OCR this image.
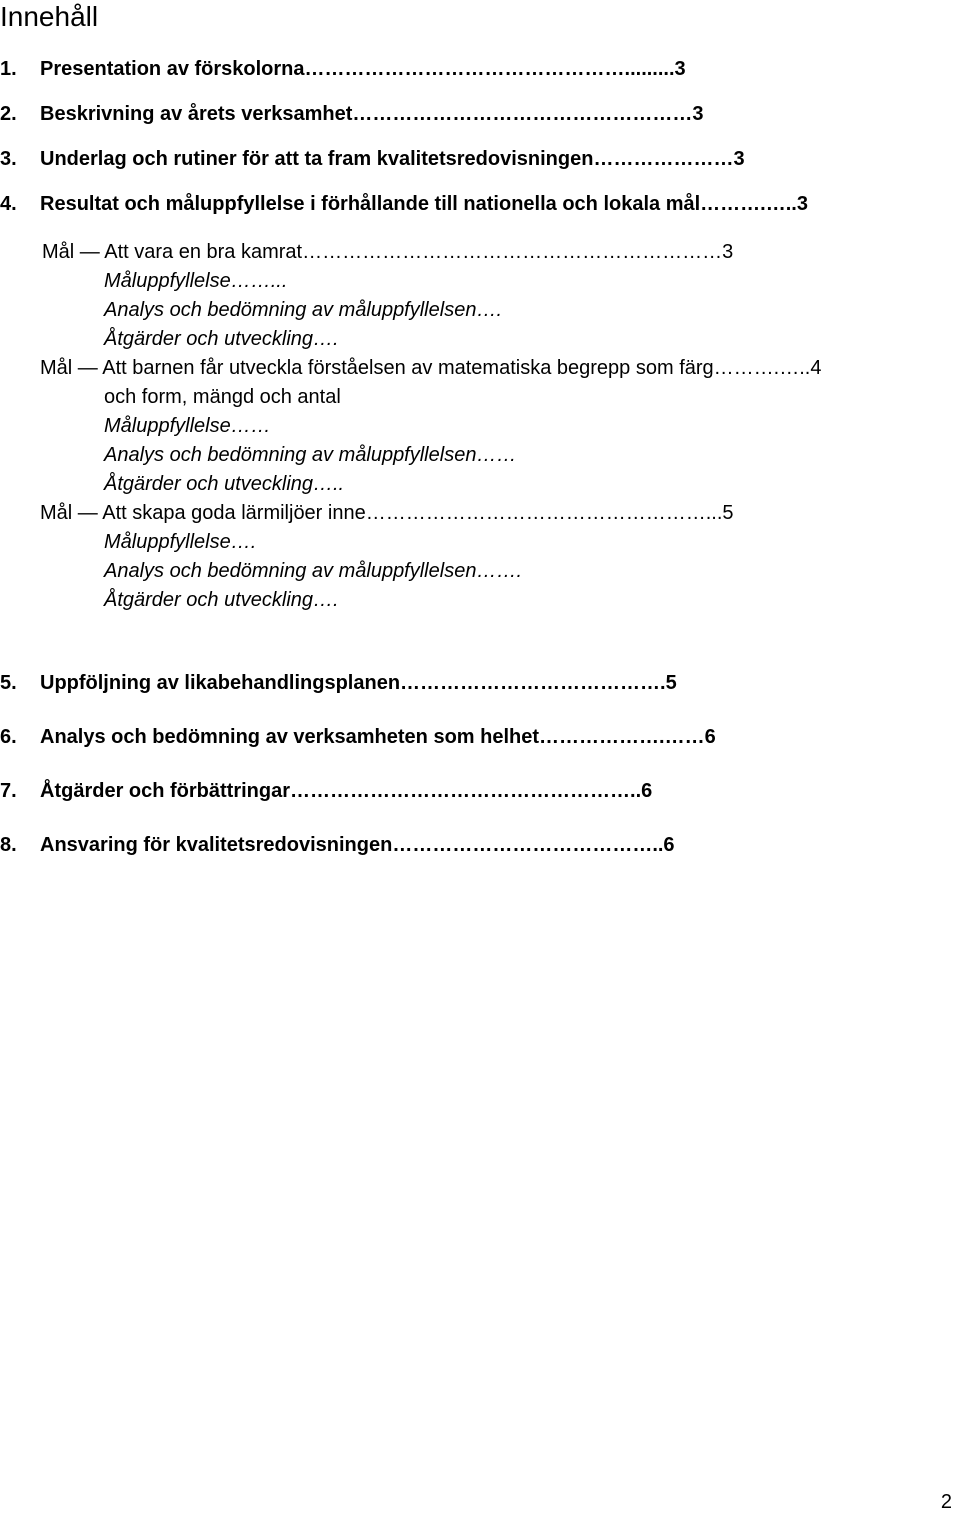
Innehåll
1. Presentation av förskolorna………………………………………….........3
2. Beskrivning av årets verksamhet……………………………………………3
3. Underlag och rutiner för att ta fram kvalitetsredovisningen…………………3
4. Resultat och måluppfyllelse i förhållande till nationella och lokala mål……….…..3
Mål — Att vara en bra kamrat………………………………………………………3
Måluppfyllelse……...
Analys och bedömning av måluppfyllelsen….
Åtgärder och utveckling….
Mål — Att barnen får utveckla förståelsen av matematiska begrepp som färg……….…..4
och form, mängd och antal
Måluppfyllelse……
Analys och bedömning av måluppfyllelsen……
Åtgärder och utveckling…..
Mål — Att skapa goda lärmiljöer inne……………………………………………...5
Måluppfyllelse….
Analys och bedömning av måluppfyllelsen…….
Åtgärder och utveckling….
5. Uppföljning av likabehandlingsplanen………………………………….5
6. Analys och bedömning av verksamheten som helhet……………….……6
7. Åtgärder och förbättringar……………………………………………..6
8. Ansvaring för kvalitetsredovisningen…………………………………..6
2
